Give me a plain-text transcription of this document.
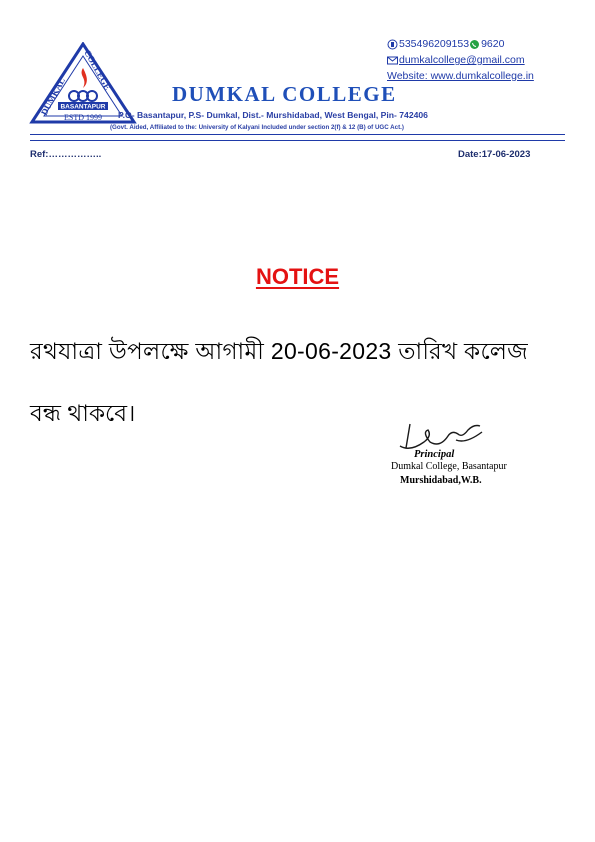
DUMKAL
COLLEGE
BASANTAPUR
ESTD 1999
535496209153 9620
dumkalcollege@gmail.com
Website: www.dumkalcollege.in
DUMKAL COLLEGE
P.O- Basantapur, P.S- Dumkal, Dist.- Murshidabad, West Bengal, Pin- 742406
(Govt. Aided, Affiliated to the: University of Kalyani Included under section 2(f) & 12 (B) of UGC Act.)
Ref:……………..	Date:17-06-2023
NOTICE
রথযাত্রা উপলক্ষে আগামী 20-06-2023 তারিখ কলেজ
বন্ধ থাকবে।
Principal
Dumkal College, Basantapur
Murshidabad,W.B.
